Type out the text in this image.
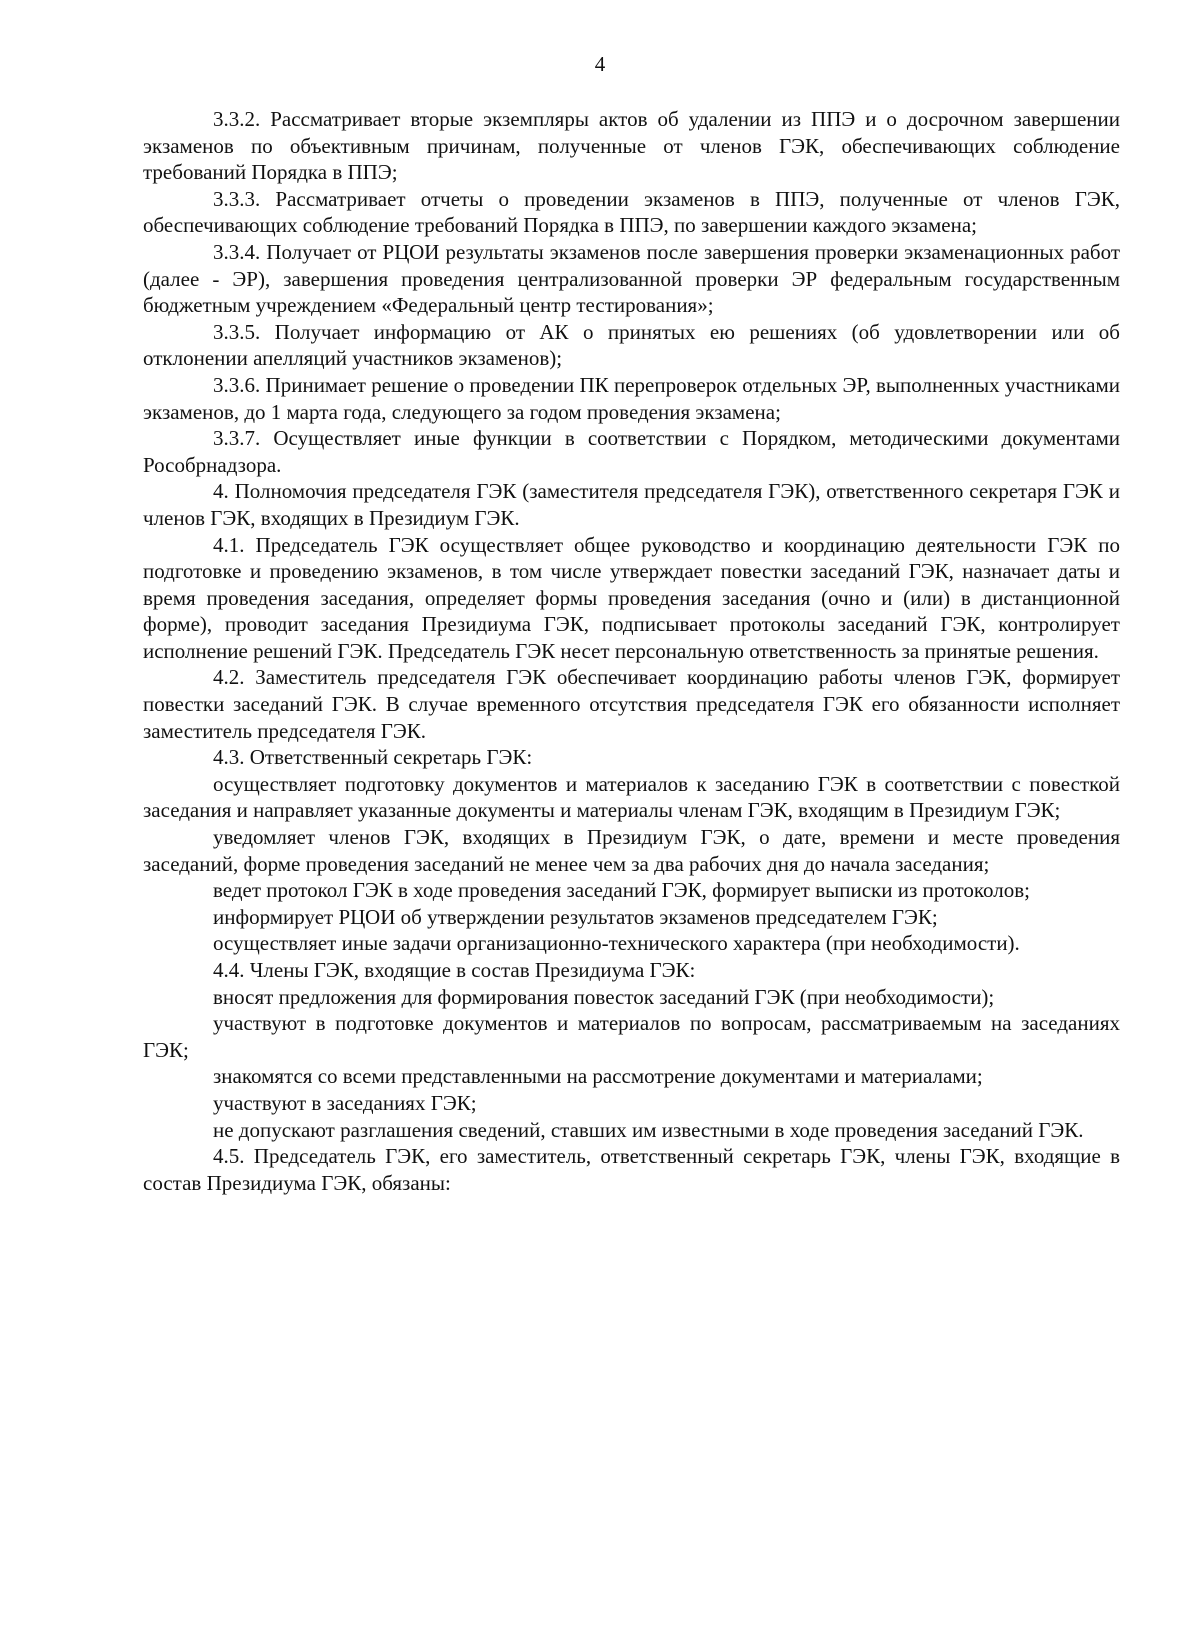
4

3.3.2. Рассматривает вторые экземпляры актов об удалении из ППЭ и о досрочном завершении экзаменов по объективным причинам, полученные от членов ГЭК, обеспечивающих соблюдение требований Порядка в ППЭ;

3.3.3. Рассматривает отчеты о проведении экзаменов в ППЭ, полученные от членов ГЭК, обеспечивающих соблюдение требований Порядка в ППЭ, по завершении каждого экзамена;

3.3.4. Получает от РЦОИ результаты экзаменов после завершения проверки экзаменационных работ (далее - ЭР), завершения проведения централизованной проверки ЭР федеральным государственным бюджетным учреждением «Федеральный центр тестирования»;

3.3.5. Получает информацию от АК о принятых ею решениях (об удовлетворении или об отклонении апелляций участников экзаменов);

3.3.6. Принимает решение о проведении ПК перепроверок отдельных ЭР, выполненных участниками экзаменов, до 1 марта года, следующего за годом проведения экзамена;

3.3.7. Осуществляет иные функции в соответствии с Порядком, методическими документами Рособрнадзора.

4. Полномочия председателя ГЭК (заместителя председателя ГЭК), ответственного секретаря ГЭК и членов ГЭК, входящих в Президиум ГЭК.

4.1. Председатель ГЭК осуществляет общее руководство и координацию деятельности ГЭК по подготовке и проведению экзаменов, в том числе утверждает повестки заседаний ГЭК, назначает даты и время проведения заседания, определяет формы проведения заседания (очно и (или) в дистанционной форме), проводит заседания Президиума ГЭК, подписывает протоколы заседаний ГЭК, контролирует исполнение решений ГЭК. Председатель ГЭК несет персональную ответственность за принятые решения.

4.2. Заместитель председателя ГЭК обеспечивает координацию работы членов ГЭК, формирует повестки заседаний ГЭК. В случае временного отсутствия председателя ГЭК его обязанности исполняет заместитель председателя ГЭК.

4.3. Ответственный секретарь ГЭК:

осуществляет подготовку документов и материалов к заседанию ГЭК в соответствии с повесткой заседания и направляет указанные документы и материалы членам ГЭК, входящим в Президиум ГЭК;

уведомляет членов ГЭК, входящих в Президиум ГЭК, о дате, времени и месте проведения заседаний, форме проведения заседаний не менее чем за два рабочих дня до начала заседания;

ведет протокол ГЭК в ходе проведения заседаний ГЭК, формирует выписки из протоколов;

информирует РЦОИ об утверждении результатов экзаменов председателем ГЭК;

осуществляет иные задачи организационно-технического характера (при необходимости).

4.4. Члены ГЭК, входящие в состав Президиума ГЭК:

вносят предложения для формирования повесток заседаний ГЭК (при необходимости);

участвуют в подготовке документов и материалов по вопросам, рассматриваемым на заседаниях ГЭК;

знакомятся со всеми представленными на рассмотрение документами и материалами;

участвуют в заседаниях ГЭК;

не допускают разглашения сведений, ставших им известными в ходе проведения заседаний ГЭК.

4.5. Председатель ГЭК, его заместитель, ответственный секретарь ГЭК, члены ГЭК, входящие в состав Президиума ГЭК, обязаны:
